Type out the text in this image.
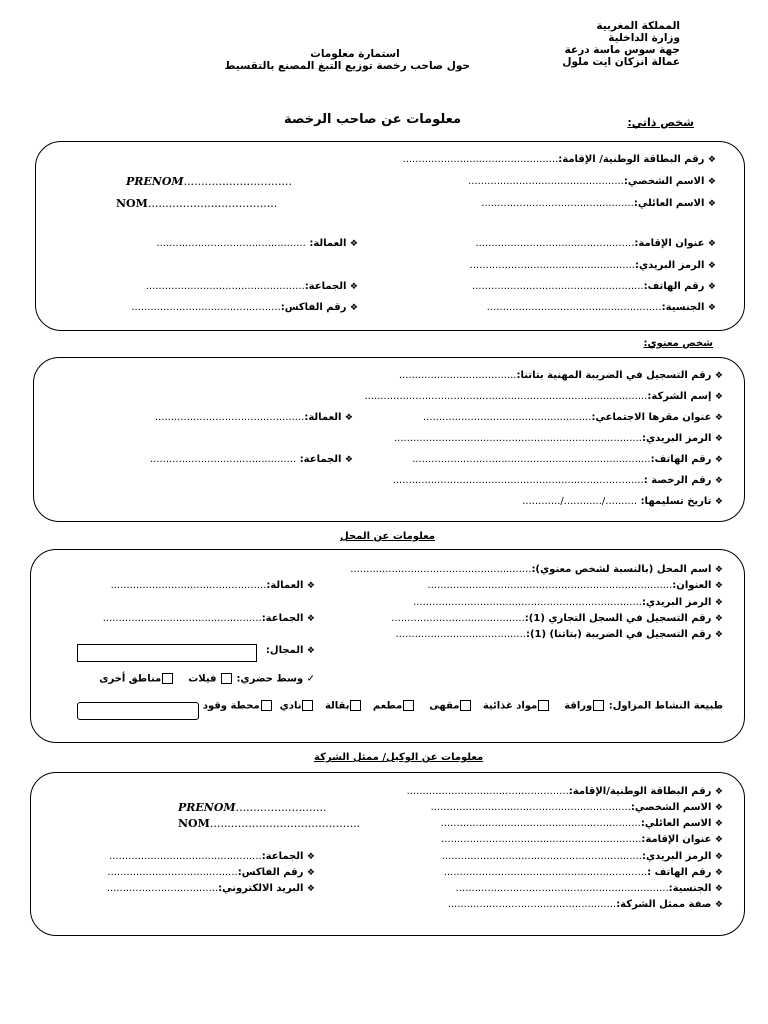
المملكة المغربية
وزارة الداخلية
جهة سوس ماسة درعة
عمالة انزكان ايت ملول
استمارة معلومات
حول صاحب رخصة توزيع التبغ المصنع بالتقسيط
معلومات عن صاحب الرخصة	شخص ذاتي:
❖ رقم البطاقة الوطنية/ الإقامة:.................................................
❖ الاسم الشخصي:.................................................
❖ الاسم العائلي:................................................
PRENOM...............................
NOM.....................................
❖ عنوان الإقامة:..................................................
❖ الرمز البريدي:....................................................
❖ رقم الهاتف:......................................................
❖ الجنسية:.......................................................
❖ العمالة: ...............................................
❖ الجماعة:..................................................
❖ رقم الفاكس:...............................................
شخص معنوي:
❖ رقم التسجيل في الضريبة المهنية بتاتنا:.....................................
❖ إسم الشركة:.........................................................................................
❖ عنوان مقرها الاجتماعي:.....................................................
❖ الرمز البريدي:..............................................................................
❖ رقم الهاتف:...........................................................................
❖ رقم الرخصة :...............................................................................
❖ تاريخ تسليمها: ........../............/............
❖ العمالة:...............................................
❖ الجماعة: ..............................................
معلومات عن المحل
❖ اسم المحل (بالنسبة لشخص معنوي):.........................................................
❖ العنوان:.............................................................................
❖ الرمز البريدي:........................................................................
❖ رقم التسجيل في السجل التجاري (1):..........................................
❖ رقم التسجيل في الضريبة (بتاتنا) (1):.........................................
❖ العمالة:.................................................
❖ الجماعة:..................................................
❖ المجال:
✓ وسط حضري:  فيلات    مناطق أخرى
طبيعة النشاط المزاول: وراقة    مواد غذائية   مقهى    مطعم   بقالة   نادي  محطة وقود
معلومات عن الوكيل/ ممثل الشركة
❖ رقم البطاقة الوطنية/الإقامة:...................................................
❖ الاسم الشخصي:...............................................................
❖ الاسم العائلي:...............................................................
❖ عنوان الإقامة:...............................................................
❖ الرمز البريدي:...............................................................
❖ رقم الهاتف :................................................................
❖ الجنسية:...................................................................
❖ صفة ممثل الشركة:.....................................................
PRENOM..........................
NOM...........................................
❖ الجماعة:................................................
❖ رقم الفاكس:.........................................
❖ البريد الالكتروني:...................................
